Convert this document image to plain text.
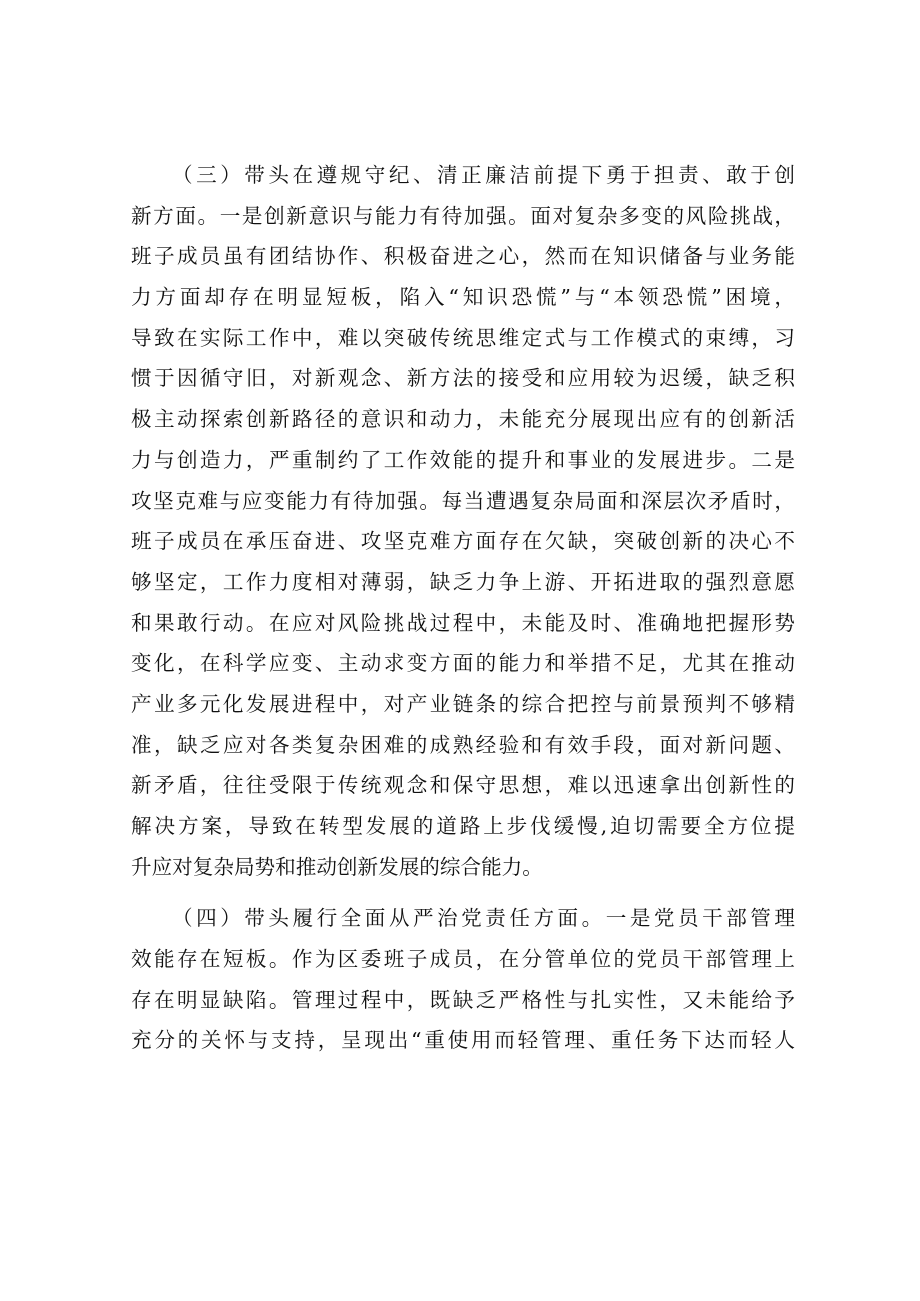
（三）带头在遵规守纪、清正廉洁前提下勇于担责、敢于创
新方面。一是创新意识与能力有待加强。面对复杂多变的风险挑战，
班子成员虽有团结协作、积极奋进之心，然而在知识储备与业务能
力方面却存在明显短板，陷入“知识恐慌”与“本领恐慌”困境，
导致在实际工作中，难以突破传统思维定式与工作模式的束缚，习
惯于因循守旧，对新观念、新方法的接受和应用较为迟缓，缺乏积
极主动探索创新路径的意识和动力，未能充分展现出应有的创新活
力与创造力，严重制约了工作效能的提升和事业的发展进步。二是
攻坚克难与应变能力有待加强。每当遭遇复杂局面和深层次矛盾时，
班子成员在承压奋进、攻坚克难方面存在欠缺，突破创新的决心不
够坚定，工作力度相对薄弱，缺乏力争上游、开拓进取的强烈意愿
和果敢行动。在应对风险挑战过程中，未能及时、准确地把握形势
变化，在科学应变、主动求变方面的能力和举措不足，尤其在推动
产业多元化发展进程中，对产业链条的综合把控与前景预判不够精
准，缺乏应对各类复杂困难的成熟经验和有效手段，面对新问题、
新矛盾，往往受限于传统观念和保守思想，难以迅速拿出创新性的
解决方案，导致在转型发展的道路上步伐缓慢,迫切需要全方位提
升应对复杂局势和推动创新发展的综合能力。
（四）带头履行全面从严治党责任方面。一是党员干部管理
效能存在短板。作为区委班子成员，在分管单位的党员干部管理上
存在明显缺陷。管理过程中，既缺乏严格性与扎实性，又未能给予
充分的关怀与支持，呈现出“重使用而轻管理、重任务下达而轻人
